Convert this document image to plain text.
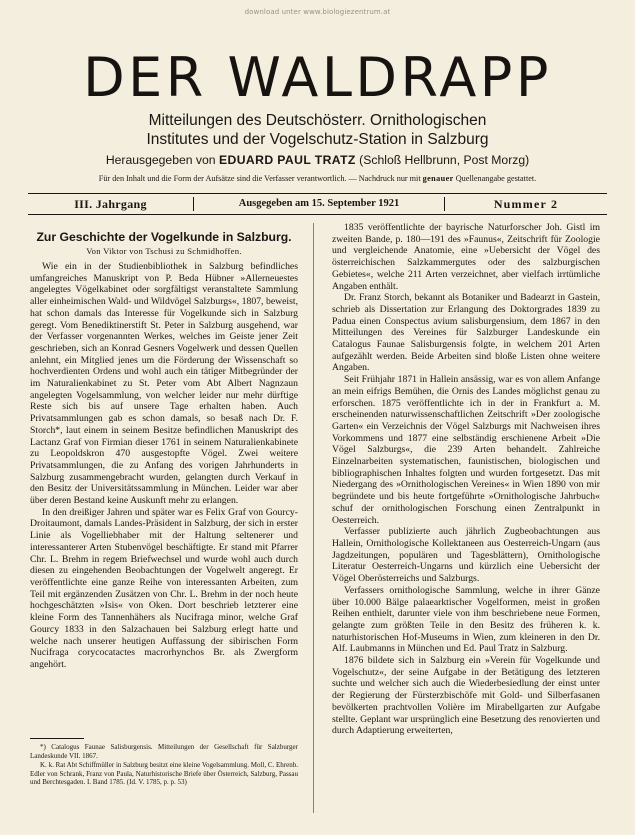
download unter www.biologiezentrum.at
DER WALDRAPP
Mitteilungen des Deutschösterr. Ornithologischen
Institutes und der Vogelschutz-Station in Salzburg
Herausgegeben von EDUARD PAUL TRATZ (Schloß Hellbrunn, Post Morzg)
Für den Inhalt und die Form der Aufsätze sind die Verfasser verantwortlich. — Nachdruck nur mit genauer Quellenangabe gestattet.
III. Jahrgang	Ausgegeben am 15. September 1921	Nummer 2
Zur Geschichte der Vogelkunde in Salzburg.
Von Viktor von Tschusi zu Schmidhoffen.

Wie ein in der Studienbibliothek in Salzburg befindliches umfangreiches Manuskript von P. Beda Hübner »Allerneuestes angelegtes Vögelkabinet oder sorgfältigst veranstaltete Sammlung aller einheimischen Wald- und Wildvögel Salzburgs«, 1807, beweist, hat schon damals das Interesse für Vogelkunde sich in Salzburg geregt. Vom Benediktinerstift St. Peter in Salzburg ausgehend, war der Verfasser vorgenannten Werkes, welches im Geiste jener Zeit geschrieben, sich an Konrad Gesners Vogelwerk und dessen Quellen anlehnt, ein Mitglied jenes um die Förderung der Wissenschaft so hochverdienten Ordens und wohl auch ein tätiger Mitbegründer der im Naturalienkabinet zu St. Peter vom Abt Albert Nagnzaun angelegten Vogelsammlung, von welcher leider nur mehr dürftige Reste sich bis auf unsere Tage erhalten haben. Auch Privatsammlungen gab es schon damals, so besaß nach Dr. F. Storch*, laut einem in seinem Besitze befindlichen Manuskript des Lactanz Graf von Firmian dieser 1761 in seinem Naturalienkabinete zu Leopoldskron 470 ausgestopfte Vögel. Zwei weitere Privatsammlungen, die zu Anfang des vorigen Jahrhunderts in Salzburg zusammengebracht wurden, gelangten durch Verkauf in den Besitz der Universitätssammlung in München. Leider war aber über deren Bestand keine Auskunft mehr zu erlangen.

In den dreißiger Jahren und später war es Felix Graf von Gourcy-Droitaumont, damals Landes-Präsident in Salzburg, der sich in erster Linie als Vogelliebhaber mit der Haltung seltenerer und interessanterer Arten Stubenvögel beschäftigte. Er stand mit Pfarrer Chr. L. Brehm in regem Briefwechsel und wurde wohl auch durch diesen zu eingehenden Beobachtungen der Vogelwelt angeregt. Er veröffentlichte eine ganze Reihe von interessanten Arbeiten, zum Teil mit ergänzenden Zusätzen von Chr. L. Brehm in der noch heute hochgeschätzten »Isis« von Oken. Dort beschrieb letzterer eine kleine Form des Tannenhähers als Nucifraga minor, welche Graf Gourcy 1833 in den Salzachauen bei Salzburg erlegt hatte und welche nach unserer heutigen Auffassung der sibirischen Form Nucifraga corycocatactes macrorhynchos Br. als Zwergform angehört.

*) Catalogus Faunae Salisburgensis. Mitteilungen der Gesellschaft für Salzburger Landeskunde VII. 1867.

K. k. Rat Abt Schiffmüller in Salzburg besitzt eine kleine Vogelsammlung. Moll, C. Ehrenb. Edler von Schrank, Franz von Paula, Naturhistorische Briefe über Österreich, Salzburg, Passau und Berchtesgaden. I. Band 1785. (Id. V. 1785, p. p. 53)

1835 veröffentlichte der bayrische Naturforscher Joh. Gistl im zweiten Bande, p. 180—191 des »Faunus«, Zeitschrift für Zoologie und vergleichende Anatomie, eine »Uebersicht der Vögel des österreichischen Salzkammergutes oder des salzburgischen Gebietes«, welche 211 Arten verzeichnet, aber vielfach irrtümliche Angaben enthält.

Dr. Franz Storch, bekannt als Botaniker und Badearzt in Gastein, schrieb als Dissertation zur Erlangung des Doktorgrades 1839 zu Padua einen Conspectus avium salisburgensium, dem 1867 in den Mitteilungen des Vereines für Salzburger Landeskunde ein Catalogus Faunae Salisburgensis folgte, in welchem 201 Arten aufgezählt werden. Beide Arbeiten sind bloße Listen ohne weitere Angaben.

Seit Frühjahr 1871 in Hallein ansässig, war es von allem Anfange an mein eifrigs Bemühen, die Ornis des Landes möglichst genau zu erforschen. 1875 veröffentlichte ich in der in Frankfurt a. M. erscheinenden naturwissenschaftlichen Zeitschrift »Der zoologische Garten« ein Verzeichnis der Vögel Salzburgs mit Nachweisen ihres Vorkommens und 1877 eine selbständig erschienene Arbeit »Die Vögel Salzburgs«, die 239 Arten behandelt. Zahlreiche Einzelnarbeiten systematischen, faunistischen, biologischen und bibliographischen Inhaltes folgten und wurden fortgesetzt. Das mit Niedergang des »Ornithologischen Vereines« in Wien 1890 von mir begründete und bis heute fortgeführte »Ornithologische Jahrbuch« schuf der ornithologischen Forschung einen Zentralpunkt in Oesterreich.

Verfasser publizierte auch jährlich Zugbeobachtungen aus Hallein, Ornithologische Kollektaneen aus Oesterreich-Ungarn (aus Jagdzeitungen, populären und Tagesblättern), Ornithologische Literatur Oesterreich-Ungarns und kürzlich eine Uebersicht der Vögel Oberösterreichs und Salzburgs.

Verfassers ornithologische Sammlung, welche in ihrer Gänze über 10.000 Bälge palaearktischer Vogelformen, meist in großen Reihen enthielt, darunter viele von ihm beschriebene neue Formen, gelangte zum größten Teile in den Besitz des früheren k. k. naturhistorischen Hof-Museums in Wien, zum kleineren in den Dr. Alf. Laubmanns in München und Ed. Paul Tratz in Salzburg.

1876 bildete sich in Salzburg ein »Verein für Vogelkunde und Vogelschutz«, der seine Aufgabe in der Betätigung des letzteren suchte und welcher sich auch die Wiederbesiedlung der einst unter der Regierung der Fürsterzbischöfe mit Gold- und Silberfasanen bevölkerten prachtvollen Volière im Mirabellgarten zur Aufgabe stellte. Geplant war ursprünglich eine Besetzung des renovierten und durch Adaptierung erweiterten,
